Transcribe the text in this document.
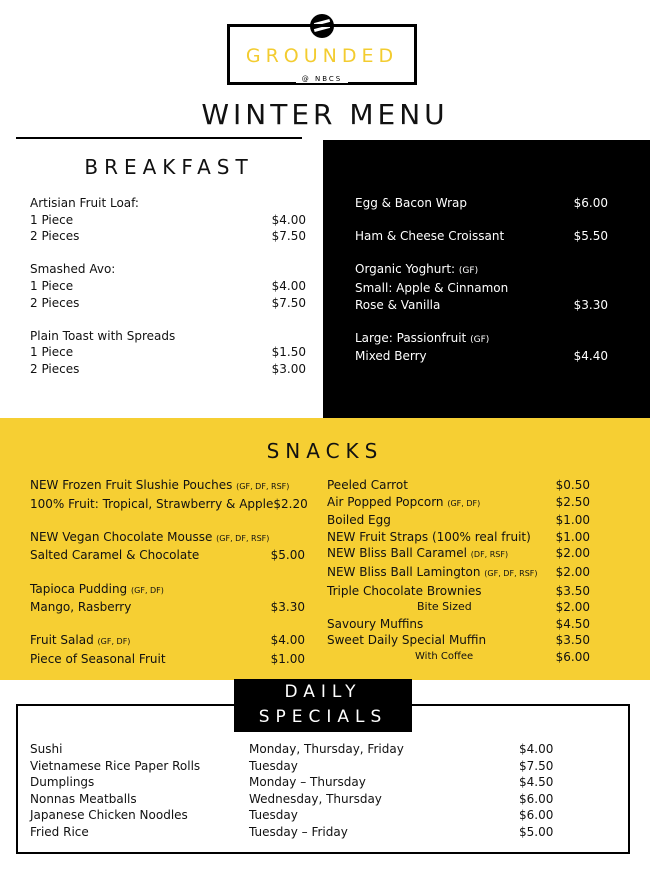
GROUNDED
@ NBCS
WINTER MENU
BREAKFAST
Artisian Fruit Loaf:
1 Piece	$4.00
2 Pieces	$7.50
Smashed Avo:
1 Piece	$4.00
2 Pieces	$7.50
Plain Toast with Spreads
1 Piece	$1.50
2 Pieces	$3.00
Egg & Bacon Wrap	$6.00
Ham & Cheese Croissant	$5.50
Organic Yoghurt: (GF)
Small: Apple & Cinnamon
Rose & Vanilla	$3.30
Large: Passionfruit (GF)
Mixed Berry	$4.40
SNACKS
NEW Frozen Fruit Slushie Pouches (GF, DF, RSF)
100% Fruit: Tropical, Strawberry & Apple $2.20
NEW Vegan Chocolate Mousse (GF, DF, RSF)
Salted Caramel & Chocolate	$5.00
Tapioca Pudding (GF, DF)
Mango, Rasberry	$3.30
Fruit Salad (GF, DF)	$4.00
Piece of Seasonal Fruit	$1.00
Peeled Carrot	$0.50
Air Popped Popcorn (GF, DF)	$2.50
Boiled Egg	$1.00
NEW Fruit Straps (100% real fruit) $1.00
NEW Bliss Ball Caramel (DF, RSF)	$2.00
NEW Bliss Ball Lamington (GF, DF, RSF) $2.00
Triple Chocolate Brownies	$3.50
Bite Sized	$2.00
Savoury Muffins	$4.50
Sweet Daily Special Muffin	$3.50
With Coffee	$6.00
DAILY
SPECIALS
Sushi	Monday, Thursday, Friday	$4.00
Vietnamese Rice Paper Rolls	Tuesday	$7.50
Dumplings	Monday – Thursday	$4.50
Nonnas Meatballs	Wednesday, Thursday	$6.00
Japanese Chicken Noodles	Tuesday	$6.00
Fried Rice	Tuesday – Friday	$5.00
